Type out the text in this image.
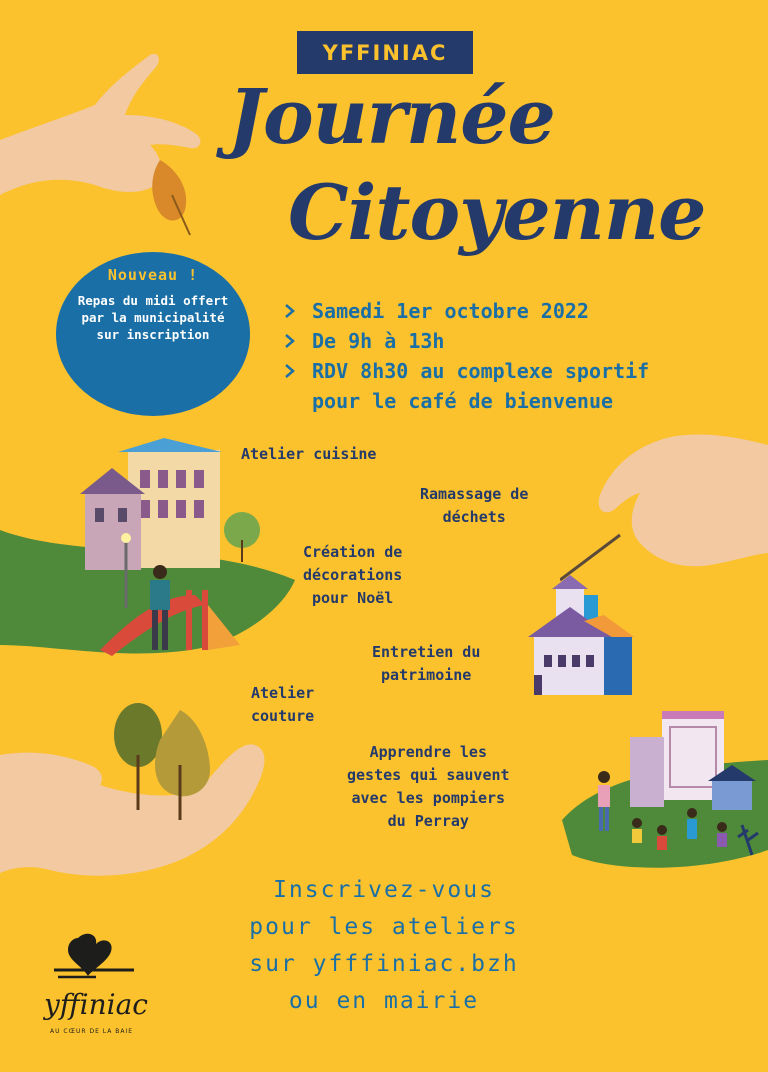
YFFINIAC
Journée
Citoyenne
Nouveau !
Repas du midi offert par la municipalité sur inscription
Samedi 1er octobre 2022
De 9h à 13h
RDV 8h30 au complexe sportif
pour le café de bienvenue
Atelier cuisine
Ramassage de
déchets
Création de
décorations
pour Noël
Entretien du
patrimoine
Atelier
couture
Apprendre les
gestes qui sauvent
avec les pompiers
du Perray
Inscrivez-vous
pour les ateliers
sur yfffiniac.bzh
ou en mairie
yffiniac
AU CŒUR DE LA BAIE
